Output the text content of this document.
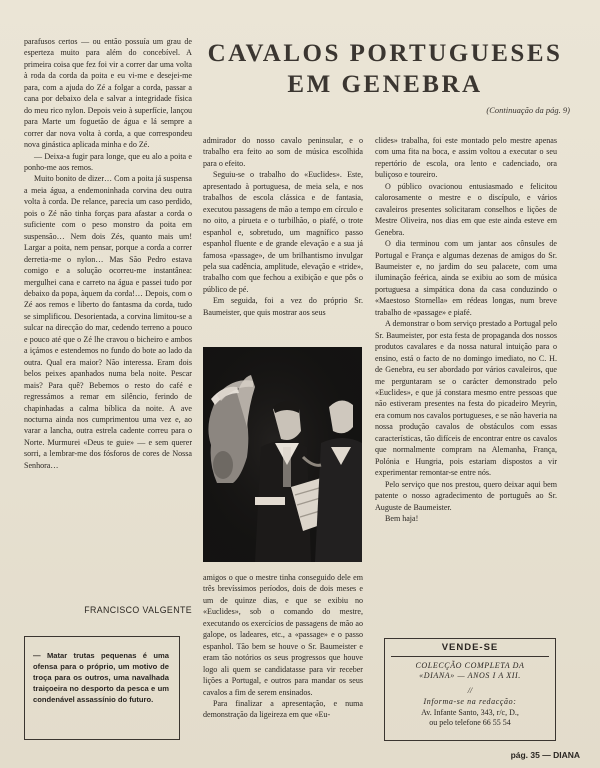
parafusos certos — ou então possuía um grau de esperteza muito para além do concebível. A primeira coisa que fez foi vir a correr dar uma volta à roda da corda da poita e eu vi-me e desejei-me para, com a ajuda do Zé a folgar a corda, passar a cana por debaixo dela e salvar a integridade física do meu rico nylon. Depois veio à superfície, lançou para Marte um foguetão de água e lá sempre a correr dar nova volta à corda, a que correspondeu nova ginástica aplicada minha e do Zé.

— Deixa-a fugir para longe, que eu alo a poita e ponho-me aos remos.

Muito bonito de dizer… Com a poita já suspensa a meia água, a endemoninhada corvina deu outra volta à corda. De relance, parecia um caso perdido, pois o Zé não tinha forças para afastar a corda o suficiente com o peso monstro da poita em suspensão… Nem dois Zés, quanto mais um! Largar a poita, nem pensar, porque a corda a correr derretia-me o nylon… Mas São Pedro estava comigo e a solução ocorreu-me instantânea: mergulhei cana e carreto na água e passei tudo por debaixo da popa, àquem da corda!… Depois, com o Zé aos remos e liberto do fantasma da corda, tudo se simplificou. Desorientada, a corvina limitou-se a sulcar na direcção do mar, cedendo terreno a pouco e pouco até que o Zé lhe cravou o bicheiro e ambos a içámos e estendemos no fundo do bote ao lado da outra. Qual era maior? Não interessa. Eram dois belos peixes apanhados numa bela noite. Pescar mais? Para quê? Bebemos o resto do café e regressámos a remar em silêncio, ferindo de chapinhadas a calma bíblica da noite. A ave nocturna ainda nos cumprimentou uma vez e, ao varar a lancha, outra estrela cadente correu para o Norte. Murmurei «Deus te guie» — e sem querer sorri, a lembrar-me dos fósforos de cores de Nossa Senhora…

FRANCISCO VALGENTE
— Matar trutas pequenas é uma ofensa para o próprio, um motivo de troça para os outros, uma navalhada traiçoeira no desporto da pesca e um condenável assassínio do futuro.
CAVALOS PORTUGUESES
EM GENEBRA
(Continuação da pág. 9)

admirador do nosso cavalo peninsular, e o trabalho era feito ao som de música escolhida para o efeito.

Seguiu-se o trabalho do «Euclides». Este, apresentado à portuguesa, de meia sela, e nos trabalhos de escola clássica e de fantasia, executou passagens de mão a tempo em círculo e no oito, a pirueta e o turbilhão, o piafé, o trote espanhol e, sobretudo, um magnífico passo espanhol fluente e de grande elevação e a sua já famosa «passage», de um brilhantismo invulgar pela sua cadência, amplitude, elevação e «tride», trabalho com que fechou a exibição e que pôs o público de pé.

Em seguida, foi a vez do próprio Sr. Baumeister, que quis mostrar aos seus

amigos o que o mestre tinha conseguido dele em três brevíssimos períodos, dois de dois meses e um de quinze dias, e que se exibiu no «Euclides», sob o comando do mestre, executando os exercícios de passagens de mão ao galope, os ladeares, etc., a «passage» e o passo espanhol. Tão bem se houve o Sr. Baumeister e eram tão notórios os seus progressos que houve logo ali quem se candidatasse para vir receber lições a Portugal, e outros para mandar os seus cavalos a fim de serem ensinados.

Para finalizar a apresentação, e numa demonstração da ligeireza em que «Eu-

clides» trabalha, foi este montado pelo mestre apenas com uma fita na boca, e assim voltou a executar o seu repertório de escola, ora lento e cadenciado, ora buliçoso e toureiro.

O público ovacionou entusiasmado e felicitou calorosamente o mestre e o discípulo, e vários cavaleiros presentes solicitaram conselhos e lições de Mestre Oliveira, nos dias em que este ainda esteve em Genebra.

O dia terminou com um jantar aos cônsules de Portugal e França e algumas dezenas de amigos do Sr. Baumeister e, no jardim do seu palacete, com uma iluminação feérica, ainda se exibiu ao som de música portuguesa a simpática dona da casa conduzindo o «Maestoso Stornella» em rédeas longas, num breve trabalho de «passage» e piafé.

A demonstrar o bom serviço prestado a Portugal pelo Sr. Baumeister, por esta festa de propaganda dos nossos produtos cavalares e da nossa natural intuição para o ensino, está o facto de no domingo imediato, no C. H. de Genebra, eu ser abordado por vários cavaleiros, que me perguntaram se o carácter demonstrado pelo «Euclides», e que já constara mesmo entre pessoas que não estiveram presentes na festa do picadeiro Meyrin, era comum nos cavalos portugueses, e se não haveria na nossa produção cavalos de obstáculos com essas características, tão difíceis de encontrar entre os cavalos que normalmente compram na Alemanha, França, Polónia e Hungria, pois estariam dispostos a vir experimentar remontar-se entre nós.

Pelo serviço que nos prestou, quero deixar aqui bem patente o nosso agradecimento de português ao Sr. Auguste de Baumeister.

Bem haja!

VENDE-SE
COLECÇÃO COMPLETA DA
«DIANA» — ANOS I A XII.
//
Informa-se na redacção:
Av. Infante Santo, 343, r/c, D.,
ou pelo telefone 66 55 54
pág. 35 — DIANA
